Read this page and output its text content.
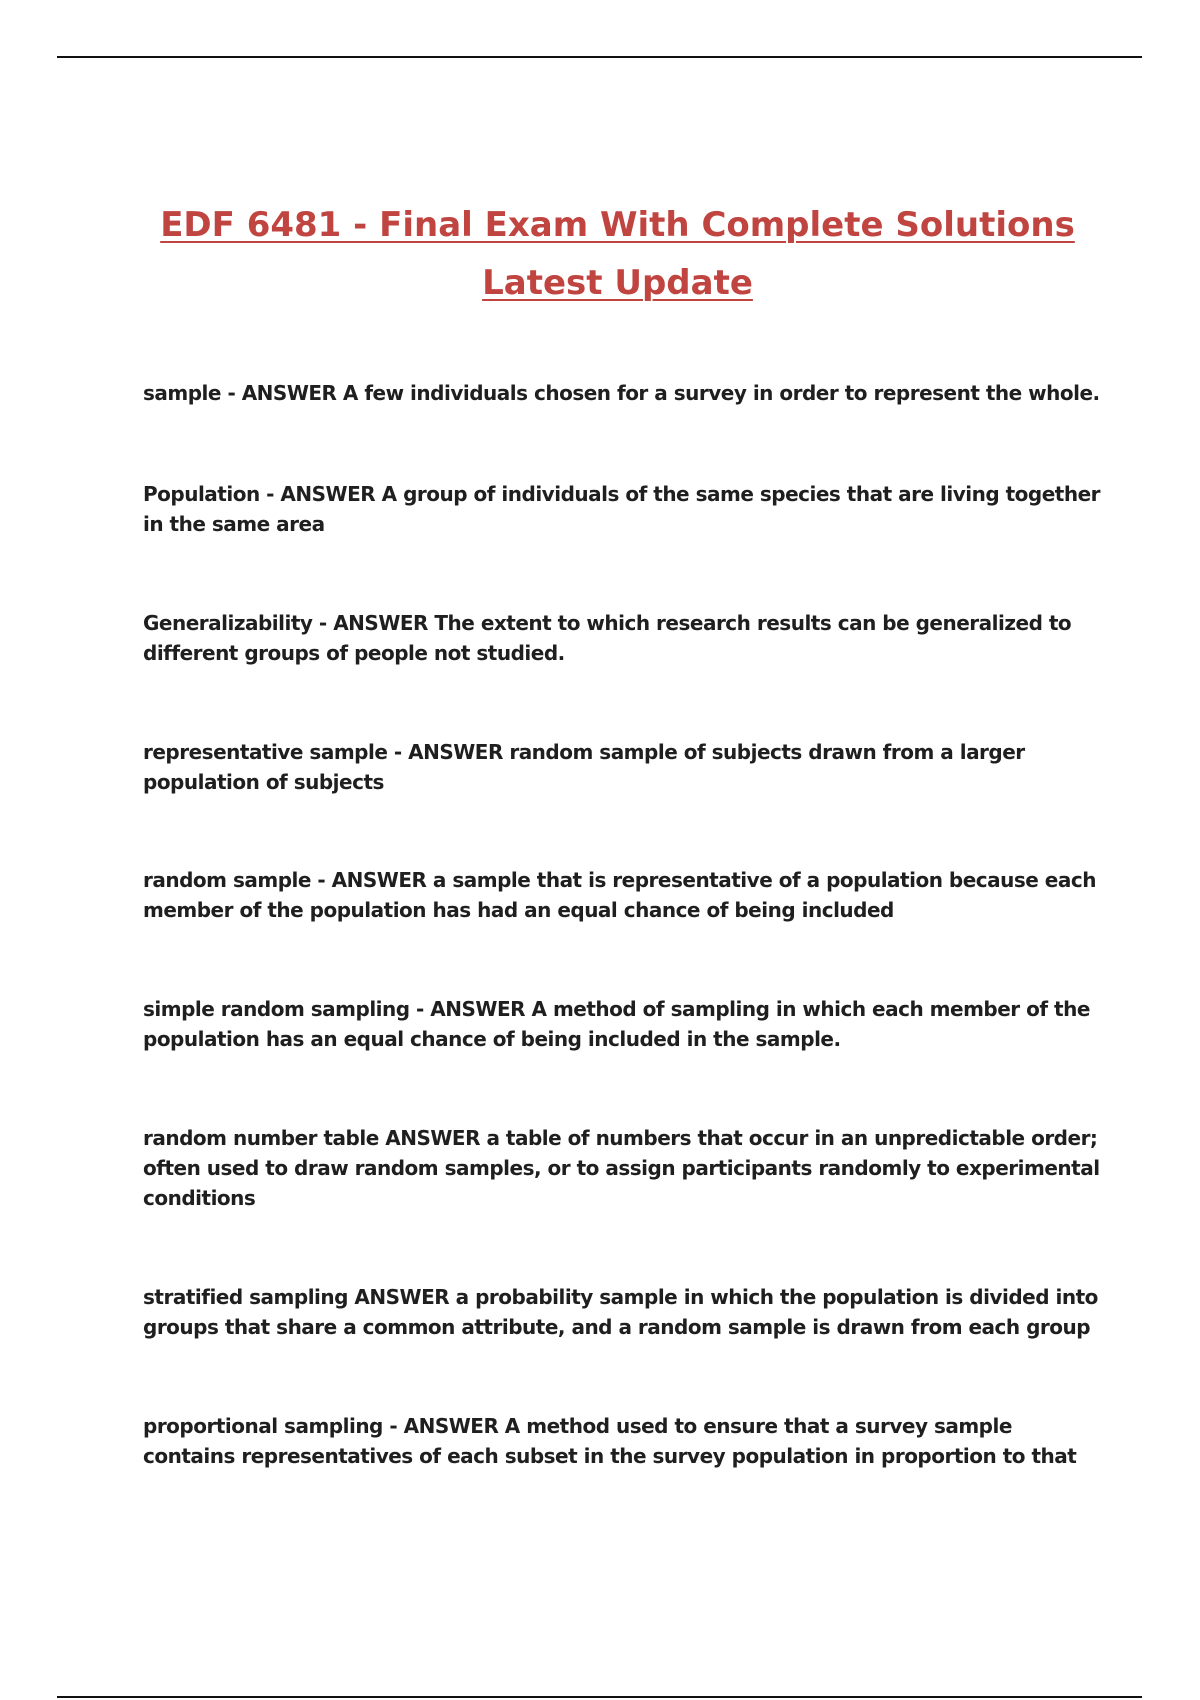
EDF 6481 - Final Exam With Complete Solutions
Latest Update
sample - ANSWER A few individuals chosen for a survey in order to represent the whole.
Population - ANSWER A group of individuals of the same species that are living together in the same area
Generalizability - ANSWER The extent to which research results can be generalized to different groups of people not studied.
representative sample - ANSWER random sample of subjects drawn from a larger population of subjects
random sample - ANSWER a sample that is representative of a population because each member of the population has had an equal chance of being included
simple random sampling - ANSWER A method of sampling in which each member of the population has an equal chance of being included in the sample.
random number table ANSWER a table of numbers that occur in an unpredictable order; often used to draw random samples, or to assign participants randomly to experimental conditions
stratified sampling ANSWER a probability sample in which the population is divided into groups that share a common attribute, and a random sample is drawn from each group
proportional sampling - ANSWER A method used to ensure that a survey sample contains representatives of each subset in the survey population in proportion to that
